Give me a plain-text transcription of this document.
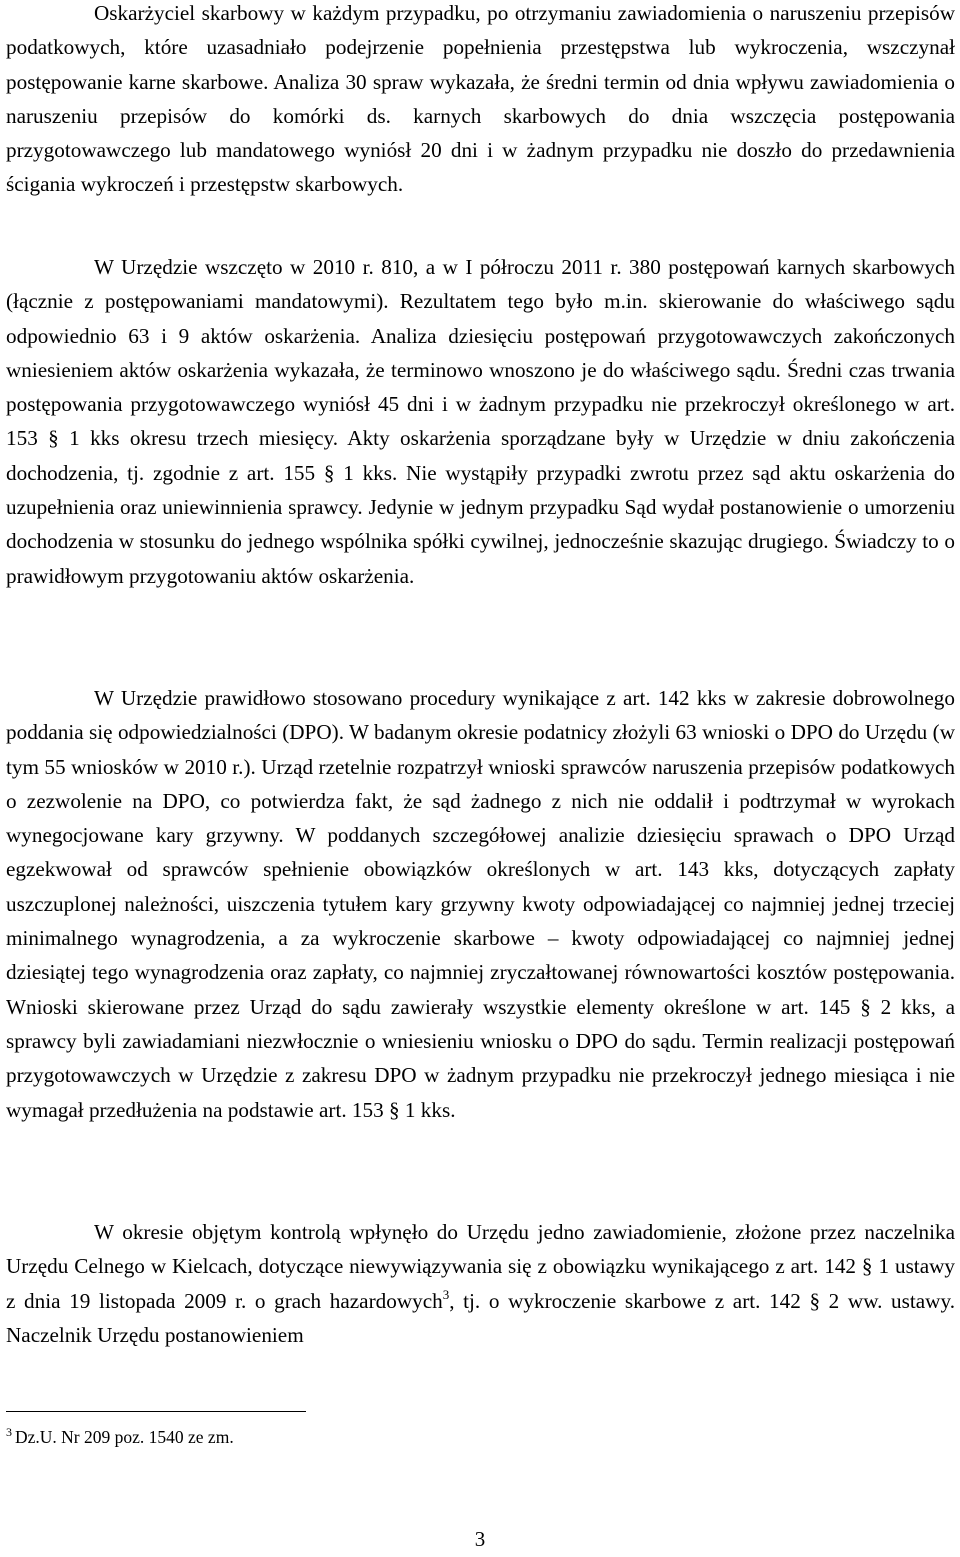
Oskarżyciel skarbowy w każdym przypadku, po otrzymaniu zawiadomienia o naruszeniu przepisów podatkowych, które uzasadniało podejrzenie popełnienia przestępstwa lub wykroczenia, wszczynał postępowanie karne skarbowe. Analiza 30 spraw wykazała, że średni termin od dnia wpływu zawiadomienia o naruszeniu przepisów do komórki ds. karnych skarbowych do dnia wszczęcia postępowania przygotowawczego lub mandatowego wyniósł 20 dni i w żadnym przypadku nie doszło do przedawnienia ścigania wykroczeń i przestępstw skarbowych.

W Urzędzie wszczęto w 2010 r. 810, a w I półroczu 2011 r. 380 postępowań karnych skarbowych (łącznie z postępowaniami mandatowymi). Rezultatem tego było m.in. skierowanie do właściwego sądu odpowiednio 63 i 9 aktów oskarżenia. Analiza dziesięciu postępowań przygotowawczych zakończonych wniesieniem aktów oskarżenia wykazała, że terminowo wnoszono je do właściwego sądu. Średni czas trwania postępowania przygotowawczego wyniósł 45 dni i w żadnym przypadku nie przekroczył określonego w art. 153 § 1 kks okresu trzech miesięcy. Akty oskarżenia sporządzane były w Urzędzie w dniu zakończenia dochodzenia, tj. zgodnie z art. 155 § 1 kks. Nie wystąpiły przypadki zwrotu przez sąd aktu oskarżenia do uzupełnienia oraz uniewinnienia sprawcy. Jedynie w jednym przypadku Sąd wydał postanowienie o umorzeniu dochodzenia w stosunku do jednego wspólnika spółki cywilnej, jednocześnie skazując drugiego. Świadczy to o prawidłowym przygotowaniu aktów oskarżenia.

W Urzędzie prawidłowo stosowano procedury wynikające z art. 142 kks w zakresie dobrowolnego poddania się odpowiedzialności (DPO). W badanym okresie podatnicy złożyli 63 wnioski o DPO do Urzędu (w tym 55 wniosków w 2010 r.). Urząd rzetelnie rozpatrzył wnioski sprawców naruszenia przepisów podatkowych o zezwolenie na DPO, co potwierdza fakt, że sąd żadnego z nich nie oddalił i podtrzymał w wyrokach wynegocjowane kary grzywny. W poddanych szczegółowej analizie dziesięciu sprawach o DPO Urząd egzekwował od sprawców spełnienie obowiązków określonych w art. 143 kks, dotyczących zapłaty uszczuplonej należności, uiszczenia tytułem kary grzywny kwoty odpowiadającej co najmniej jednej trzeciej minimalnego wynagrodzenia, a za wykroczenie skarbowe – kwoty odpowiadającej co najmniej jednej dziesiątej tego wynagrodzenia oraz zapłaty, co najmniej zryczałtowanej równowartości kosztów postępowania. Wnioski skierowane przez Urząd do sądu zawierały wszystkie elementy określone w art. 145 § 2 kks, a sprawcy byli zawiadamiani niezwłocznie o wniesieniu wniosku o DPO do sądu. Termin realizacji postępowań przygotowawczych w Urzędzie z zakresu DPO w żadnym przypadku nie przekroczył jednego miesiąca i nie wymagał przedłużenia na podstawie art. 153 § 1 kks.

W okresie objętym kontrolą wpłynęło do Urzędu jedno zawiadomienie, złożone przez naczelnika Urzędu Celnego w Kielcach, dotyczące niewywiązywania się z obowiązku wynikającego z art. 142 § 1 ustawy z dnia 19 listopada 2009 r. o grach hazardowych$^3$, tj. o wykroczenie skarbowe z art. 142 § 2 ww. ustawy. Naczelnik Urzędu postanowieniem

$^3$ Dz.U. Nr 209 poz. 1540 ze zm.

3
